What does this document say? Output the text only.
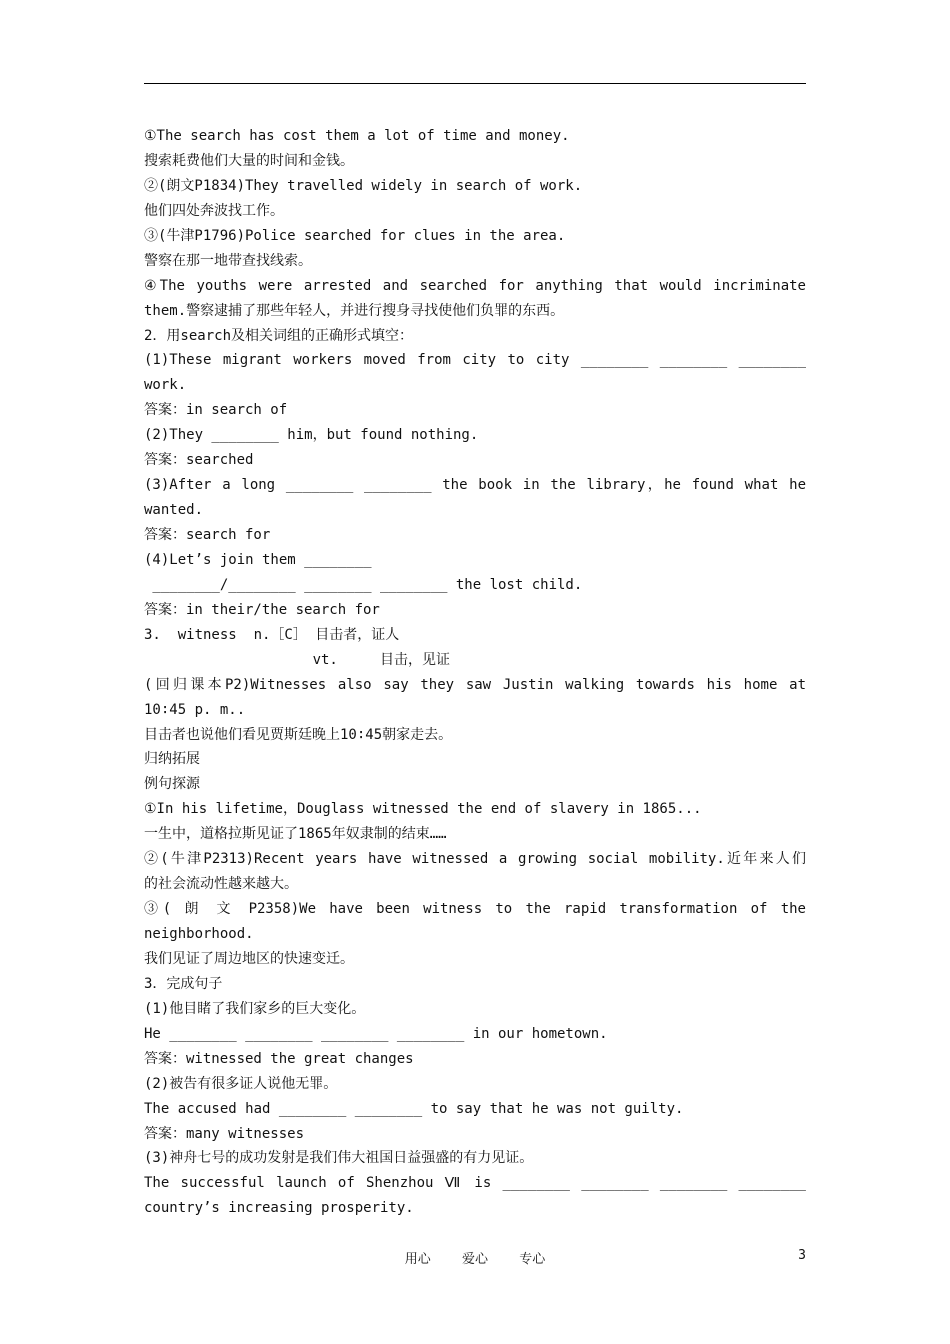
①The search has cost them a lot of time and money.
搜索耗费他们大量的时间和金钱。
②(朗文P1834)They travelled widely in search of work.
他们四处奔波找工作。
③(牛津P1796)Police searched for clues in the area.
警察在那一地带查找线索。
④The youths were arrested and searched for anything that would incriminate
them.警察逮捕了那些年轻人，并进行搜身寻找使他们负罪的东西。
2．用search及相关词组的正确形式填空：
(1)These migrant workers moved from city to city ________ ________ ________
work.
答案：in search of
(2)They ________ him，but found nothing.
答案：searched
(3)After a long ________ ________ the book in the library，he found what he
wanted.
答案：search for
(4)Let’s join them ________
________/________ ________ ________ the lost child.
答案：in their/the search for
3.  witness  n.［C］ 目击者，证人
vt.     目击，见证
(回归课本P2)Witnesses also say they saw Justin walking towards his home at
10∶45 p. m..
目击者也说他们看见贾斯廷晚上10∶45朝家走去。
归纳拓展
例句探源
①In his lifetime，Douglass witnessed the end of slavery in 1865...
一生中，道格拉斯见证了1865年奴隶制的结束……
②(牛津P2313)Recent years have witnessed a growing social mobility.近年来人们
的社会流动性越来越大。
③( 朗 文 P2358)We have been witness to the rapid transformation of the
neighborhood.
我们见证了周边地区的快速变迁。
3．完成句子
(1)他目睹了我们家乡的巨大变化。
He ________ ________ ________ ________ in our hometown.
答案：witnessed the great changes
(2)被告有很多证人说他无罪。
The accused had ________ ________ to say that he was not guilty.
答案：many witnesses
(3)神舟七号的成功发射是我们伟大祖国日益强盛的有力见证。
The successful launch of Shenzhou Ⅶ is ________ ________ ________ ________
country’s increasing prosperity.
用心    爱心    专心	3
